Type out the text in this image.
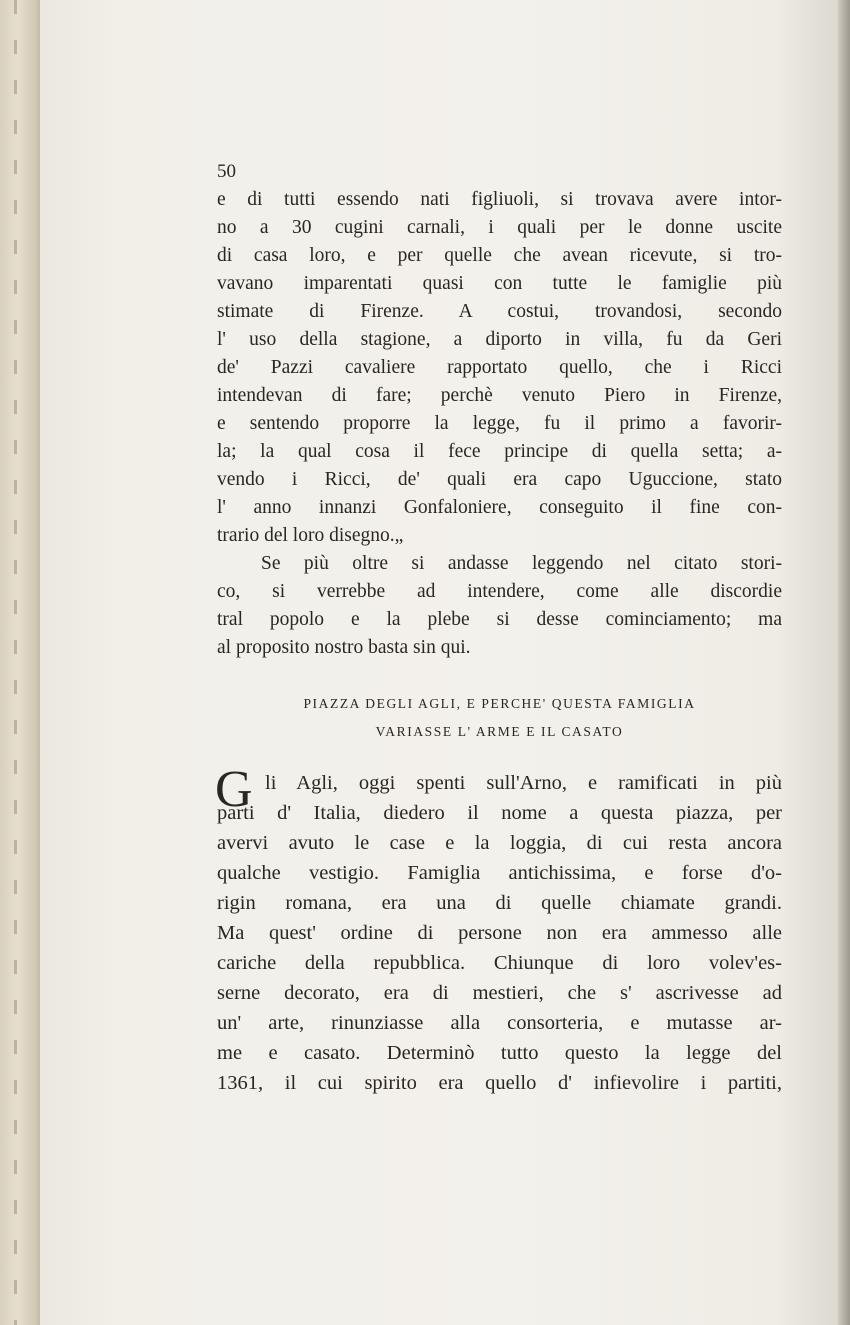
50
e di tutti essendo nati figliuoli, si trovava avere intor-
no a 30 cugini carnali, i quali per le donne uscite
di casa loro, e per quelle che avean ricevute, si tro-
vavano imparentati quasi con tutte le famiglie più
stimate di Firenze. A costui, trovandosi, secondo
l' uso della stagione, a diporto in villa, fu da Geri
de' Pazzi cavaliere rapportato quello, che i Ricci
intendevan di fare; perchè venuto Piero in Firenze,
e sentendo proporre la legge, fu il primo a favorir-
la; la qual cosa il fece principe di quella setta; a-
vendo i Ricci, de' quali era capo Uguccione, stato
l' anno innanzi Gonfaloniere, conseguito il fine con-
trario del loro disegno.„
Se più oltre si andasse leggendo nel citato stori-
co, si verrebbe ad intendere, come alle discordie
tral popolo e la plebe si desse cominciamento; ma
al proposito nostro basta sin qui.
PIAZZA DEGLI AGLI, E PERCHE' QUESTA FAMIGLIA
VARIASSE L' ARME E IL CASATO
G li Agli, oggi spenti sull'Arno, e ramificati in più
parti d' Italia, diedero il nome a questa piazza, per
avervi avuto le case e la loggia, di cui resta ancora
qualche vestigio. Famiglia antichissima, e forse d'o-
rigin romana, era una di quelle chiamate grandi.
Ma quest' ordine di persone non era ammesso alle
cariche della repubblica. Chiunque di loro volev'es-
serne decorato, era di mestieri, che s' ascrivesse ad
un' arte, rinunziasse alla consorteria, e mutasse ar-
me e casato. Determinò tutto questo la legge del
1361, il cui spirito era quello d' infievolire i partiti,
